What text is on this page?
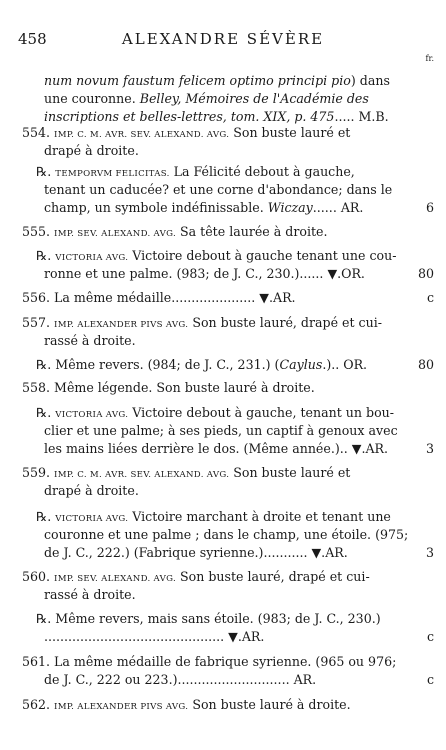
458	ALEXANDRE SÉVÈRE
fr.
num novum faustum felicem optimo principi pio) dans
une couronne. Belley, Mémoires de l'Académie des
inscriptions et belles-lettres, tom. XIX, p. 475..... M.B.
554. IMP. C. M. AVR. SEV. ALEXAND. AVG. Son buste lauré et
drapé à droite.
℞. TEMPORVM FELICITAS. La Félicité debout à gauche,
tenant un caducée? et une corne d'abondance; dans le
champ, un symbole indéfinissable. Wiczay...... AR.
555. IMP. SEV. ALEXAND. AVG. Sa tête laurée à droite.
℞. VICTORIA AVG. Victoire debout à gauche tenant une cou-
ronne et une palme. (983; de J. C., 230.)...... ▼.OR.
556. La même médaille..................... ▼.AR.
557. IMP. ALEXANDER PIVS AVG. Son buste lauré, drapé et cui-
rassé à droite.
℞. Même revers. (984; de J. C., 231.) (Caylus.).. OR.
558. Même légende. Son buste lauré à droite.
℞. VICTORIA AVG. Victoire debout à gauche, tenant un bou-
clier et une palme; à ses pieds, un captif à genoux avec
les mains liées derrière le dos. (Même année.).. ▼.AR.
559. IMP. C. M. AVR. SEV. ALEXAND. AVG. Son buste lauré et
drapé à droite.
℞. VICTORIA AVG. Victoire marchant à droite et tenant une
couronne et une palme ; dans le champ, une étoile. (975;
de J. C., 222.) (Fabrique syrienne.)........... ▼.AR.
560. IMP. SEV. ALEXAND. AVG. Son buste lauré, drapé et cui-
rassé à droite.
℞. Même revers, mais sans étoile. (983; de J. C., 230.)
............................................. ▼.AR.
561. La même médaille de fabrique syrienne. (965 ou 976;
de J. C., 222 ou 223.)............................ AR.
562. IMP. ALEXANDER PIVS AVG. Son buste lauré à droite.
6
80
c
80
3
3
c
c
